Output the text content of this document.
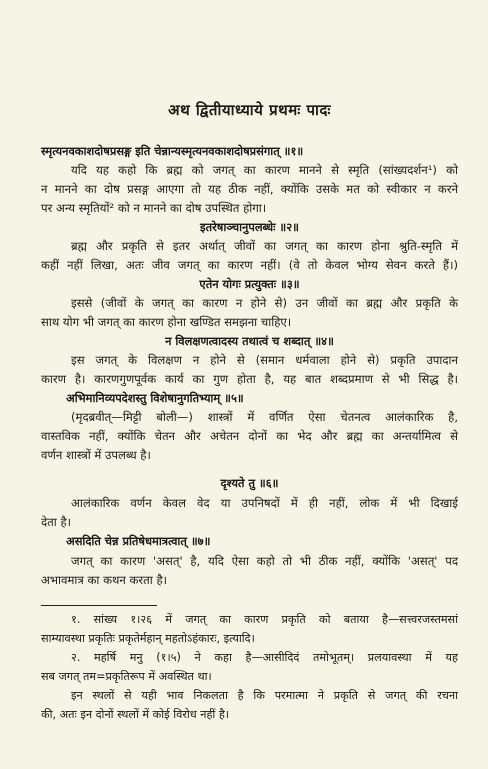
अथ द्वितीयाध्याये प्रथमः पादः
स्मृत्यनवकाशदोषप्रसङ्ग इति चेन्नान्यस्मृत्यनवकाशदोषप्रसंगात् ॥१॥
यदि यह कहो कि ब्रह्म को जगत् का कारण मानने से स्मृति (सांख्यदर्शन¹) को
न मानने का दोष प्रसङ्ग आएगा तो यह ठीक नहीं, क्योंकि उसके मत को स्वीकार न करने
पर अन्य स्मृतियों² को न मानने का दोष उपस्थित होगा।
इतरेषाञ्चानुपलब्धेः ॥२॥
ब्रह्म और प्रकृति से इतर अर्थात् जीवों का जगत् का कारण होना श्रुति-स्मृति में
कहीं नहीं लिखा, अतः जीव जगत् का कारण नहीं। (वे तो केवल भोग्य सेवन करते हैं।)
एतेन योगः प्रत्युक्तः ॥३॥
इससे (जीवों के जगत् का कारण न होने से) उन जीवों का ब्रह्म और प्रकृति के
साथ योग भी जगत् का कारण होना खण्डित समझना चाहिए।
न विलक्षणत्वादस्य तथात्वं च शब्दात् ॥४॥
इस जगत् के विलक्षण न होने से (समान धर्मवाला होने से) प्रकृति उपादान
कारण है। कारणगुणपूर्वक कार्य का गुण होता है, यह बात शब्दप्रमाण से भी सिद्ध है।
अभिमानिव्यपदेशस्तु विशेषानुगतिभ्याम् ॥५॥
(मृदब्रवीत्—मिट्टी बोली—) शास्त्रों में वर्णित ऐसा चेतनत्व आलंकारिक है,
वास्तविक नहीं, क्योंकि चेतन और अचेतन दोनों का भेद और ब्रह्म का अन्तर्यामित्व से
वर्णन शास्त्रों में उपलब्ध है।
दृश्यते तु ॥६॥
आलंकारिक वर्णन केवल वेद या उपनिषदों में ही नहीं, लोक में भी दिखाई
देता है।
असदिति चेन्न प्रतिषेधमात्रत्वात् ॥७॥
जगत् का कारण 'असत्' है, यदि ऐसा कहो तो भी ठीक नहीं, क्योंकि 'असत्' पद
अभावमात्र का कथन करता है।
१. सांख्य १।२६ में जगत् का कारण प्रकृति को बताया है—सत्त्वरजस्तमसां
साम्यावस्था प्रकृतिः प्रकृतेर्महान् महतोऽहंकारः, इत्यादि।
२. महर्षि मनु (१।५) ने कहा है—आसीदिदं तमोभूतम्। प्रलयावस्था में यह
सब जगत् तम=प्रकृतिरूप में अवस्थित था।
इन स्थलों से यही भाव निकलता है कि परमात्मा ने प्रकृति से जगत् की रचना
की, अतः इन दोनों स्थलों में कोई विरोध नहीं है।
